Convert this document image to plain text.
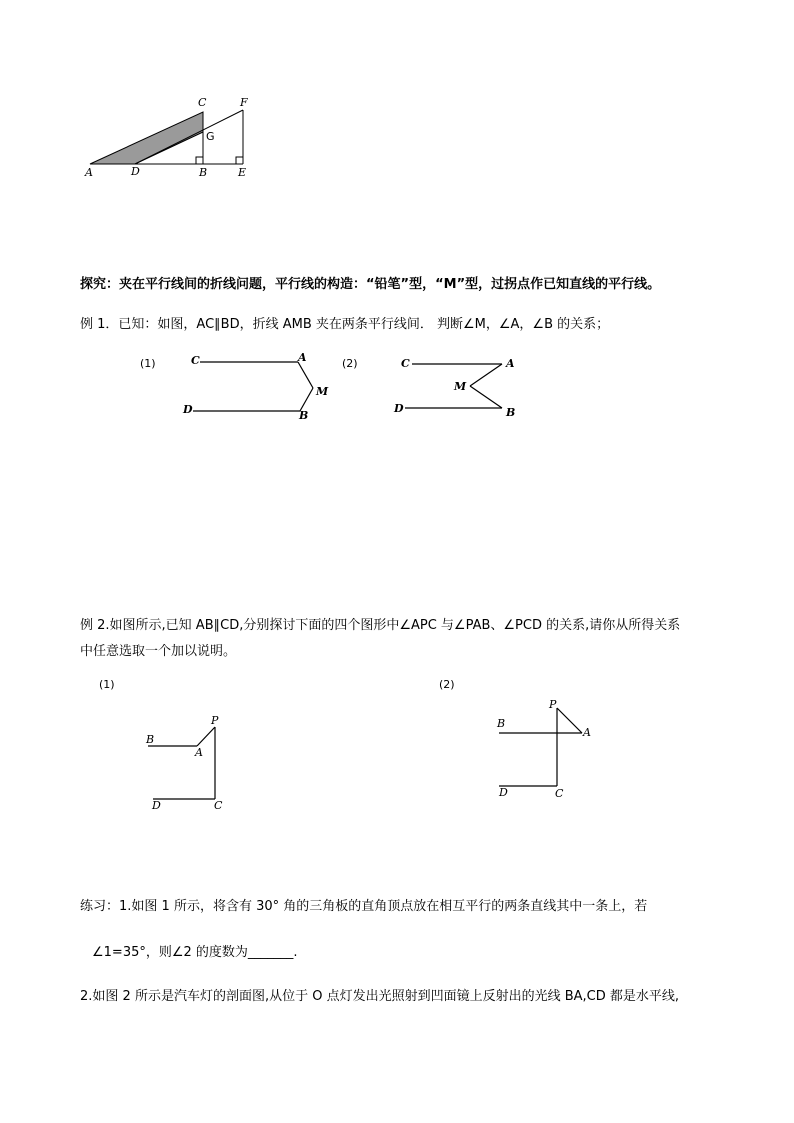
C	F
G
A	D	B	E
探究：夹在平行线间的折线问题，平行线的构造：“铅笔”型，“M”型，过拐点作已知直线的平行线。
例 1．已知：如图，AC∥BD，折线 AMB 夹在两条平行线间． 判断∠M，∠A，∠B 的关系；
(1)	C	A
M
D	B
(2)	C	A
M
D	B
例 2.如图所示,已知 AB∥CD,分别探讨下面的四个图形中∠APC 与∠PAB、∠PCD 的关系,请你从所得关系
中任意选取一个加以说明。
(1)
B
A
P
D	C
(2)
B
P
A
D	C
练习：1.如图 1 所示，将含有 30° 角的三角板的直角顶点放在相互平行的两条直线其中一条上，若
∠1=35°，则∠2 的度数为_______.
2.如图 2 所示是汽车灯的剖面图,从位于 O 点灯发出光照射到凹面镜上反射出的光线 BA,CD 都是水平线,
